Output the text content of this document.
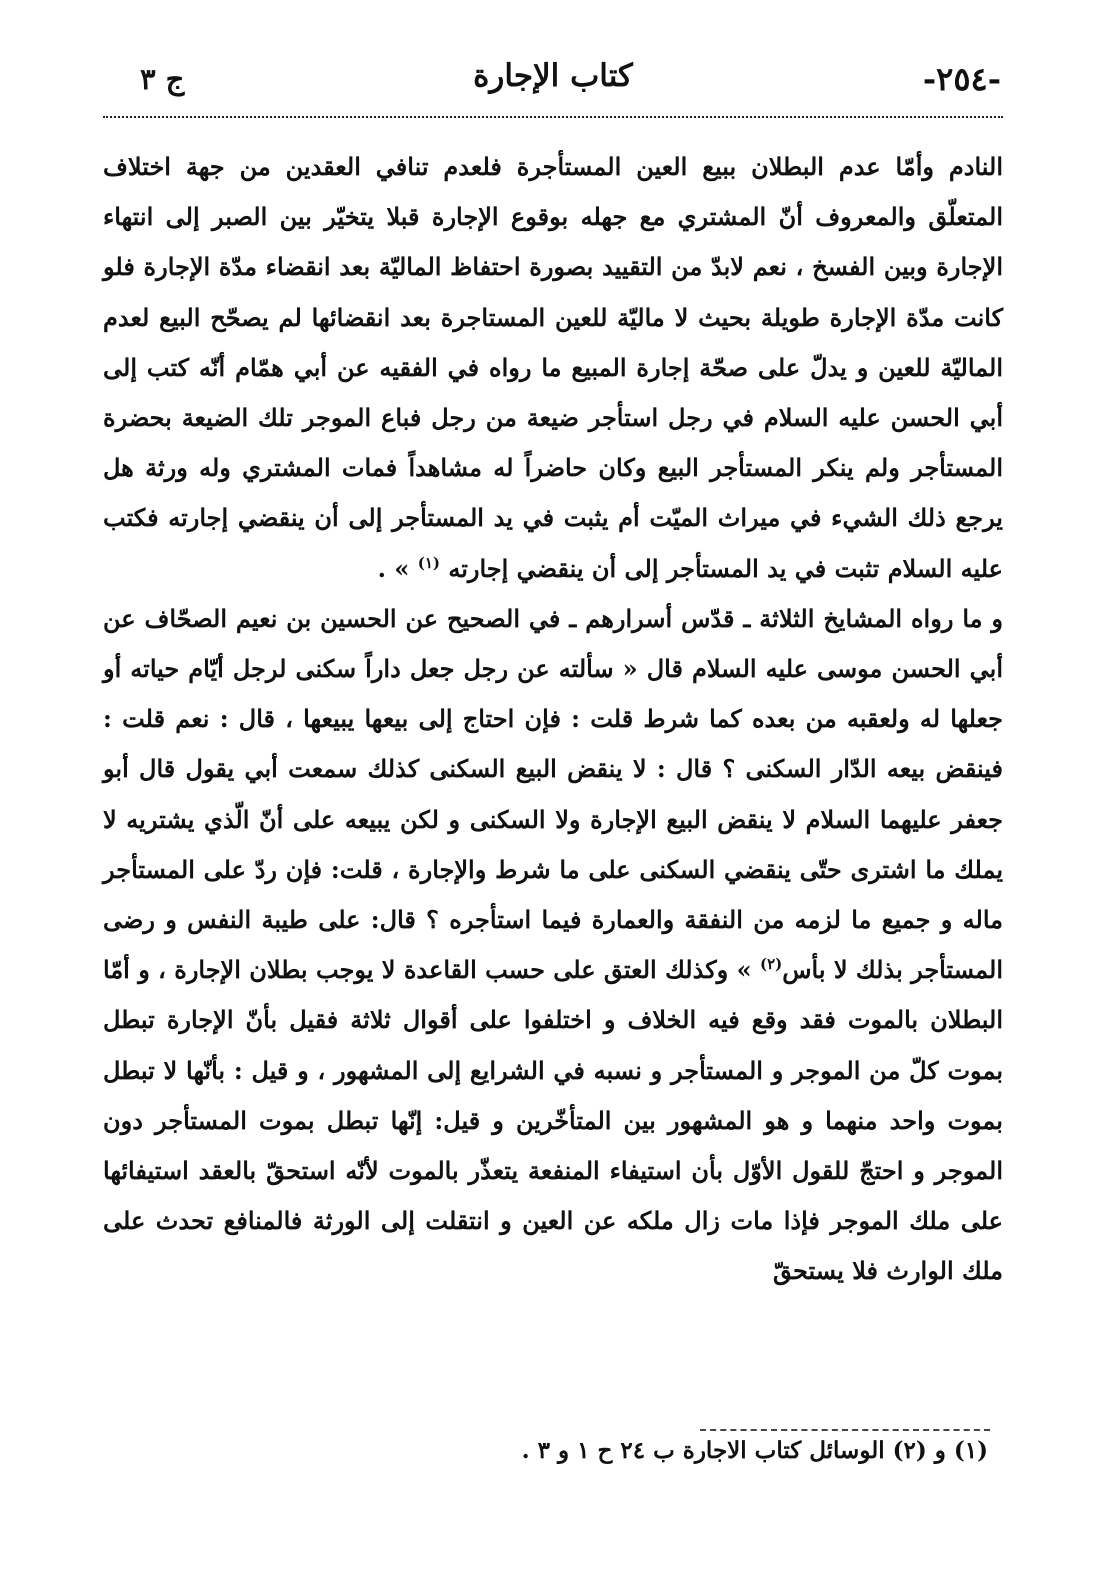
-٢٥٤-
كتاب الإجارة
ج ٣

النادم وأمّا عدم البطلان ببيع العين المستأجرة فلعدم تنافي العقدين من جهة اختلاف المتعلّق والمعروف أنّ المشتري مع جهله بوقوع الإجارة قبلا يتخيّر بين الصبر إلى انتهاء الإجارة وبين الفسخ ، نعم لابدّ من التقييد بصورة احتفاظ الماليّة بعد انقضاء مدّة الإجارة فلو كانت مدّة الإجارة طويلة بحيث لا ماليّة للعين المستاجرة بعد انقضائها لم يصحّح البيع لعدم الماليّة للعين و يدلّ على صحّة إجارة المبيع ما رواه في الفقيه عن أبي همّام أنّه كتب إلى أبي الحسن عليه السلام في رجل استأجر ضيعة من رجل فباع الموجر تلك الضيعة بحضرة المستأجر ولم ينكر المستأجر البيع وكان حاضراً له مشاهداً فمات المشتري وله ورثة هل يرجع ذلك الشيء في ميراث الميّت أم يثبت في يد المستأجر إلى أن ينقضي إجارته فكتب عليه السلام تثبت في يد المستأجر إلى أن ينقضي إجارته $^{(١)}$ » .

و ما رواه المشايخ الثلاثة ـ قدّس أسرارهم ـ في الصحيح عن الحسين بن نعيم الصحّاف عن أبي الحسن موسى عليه السلام قال « سألته عن رجل جعل داراً سكنى لرجل أيّام حياته أو جعلها له ولعقبه من بعده كما شرط قلت : فإن احتاج إلى بيعها يبيعها ، قال : نعم قلت : فينقض بيعه الدّار السكنى ؟ قال : لا ينقض البيع السكنى كذلك سمعت أبي يقول قال أبو جعفر عليهما السلام لا ينقض البيع الإجارة ولا السكنى و لكن يبيعه على أنّ الّذي يشتريه لا يملك ما اشترى حتّى ينقضي السكنى على ما شرط والإجارة ، قلت: فإن ردّ على المستأجر ماله و جميع ما لزمه من النفقة والعمارة فيما استأجره ؟ قال: على طيبة النفس و رضى المستأجر بذلك لا بأس$^{(٢)}$ » وكذلك العتق على حسب القاعدة لا يوجب بطلان الإجارة ، و أمّا البطلان بالموت فقد وقع فيه الخلاف و اختلفوا على أقوال ثلاثة فقيل بأنّ الإجارة تبطل بموت كلّ من الموجر و المستأجر و نسبه في الشرايع إلى المشهور ، و قيل : بأنّها لا تبطل بموت واحد منهما و هو المشهور بين المتأخّرين و قيل: إنّها تبطل بموت المستأجر دون الموجر و احتجّ للقول الأوّل بأن استيفاء المنفعة يتعذّر بالموت لأنّه استحقّ بالعقد استيفائها على ملك الموجر فإذا مات زال ملكه عن العين و انتقلت إلى الورثة فالمنافع تحدث على ملك الوارث فلا يستحقّ

(١) و (٢) الوسائل كتاب الاجارة ب ٢٤ ح ١ و ٣ .
